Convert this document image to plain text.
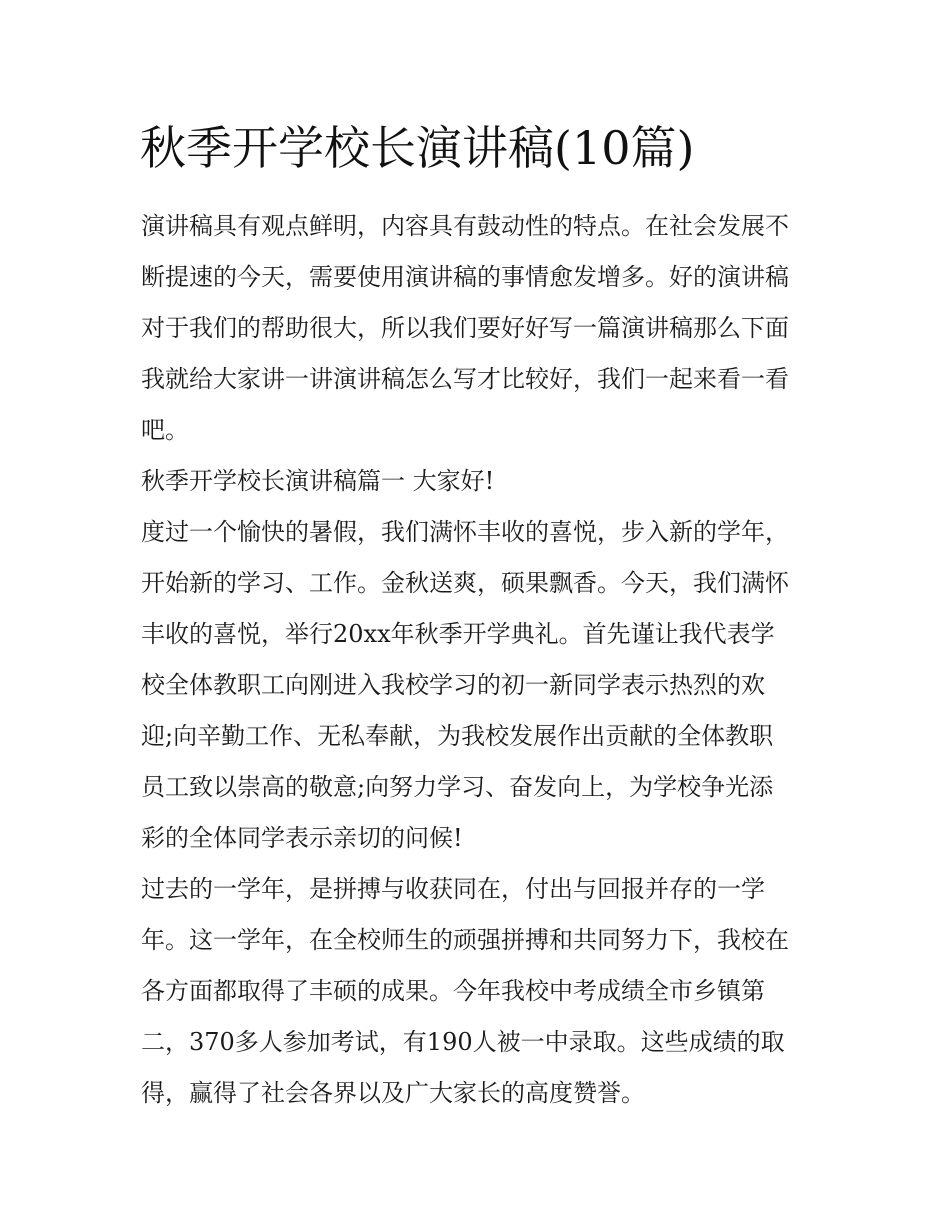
秋季开学校长演讲稿(10篇)
演讲稿具有观点鲜明，内容具有鼓动性的特点。在社会发展不
断提速的今天，需要使用演讲稿的事情愈发增多。好的演讲稿
对于我们的帮助很大，所以我们要好好写一篇演讲稿那么下面
我就给大家讲一讲演讲稿怎么写才比较好，我们一起来看一看
吧。
秋季开学校长演讲稿篇一 大家好!
度过一个愉快的暑假，我们满怀丰收的喜悦，步入新的学年，
开始新的学习、工作。金秋送爽，硕果飘香。今天，我们满怀
丰收的喜悦，举行20xx年秋季开学典礼。首先谨让我代表学
校全体教职工向刚进入我校学习的初一新同学表示热烈的欢
迎;向辛勤工作、无私奉献，为我校发展作出贡献的全体教职
员工致以崇高的敬意;向努力学习、奋发向上，为学校争光添
彩的全体同学表示亲切的问候!
过去的一学年，是拼搏与收获同在，付出与回报并存的一学
年。这一学年，在全校师生的顽强拼搏和共同努力下，我校在
各方面都取得了丰硕的成果。今年我校中考成绩全市乡镇第
二，370多人参加考试，有190人被一中录取。这些成绩的取
得，赢得了社会各界以及广大家长的高度赞誉。
